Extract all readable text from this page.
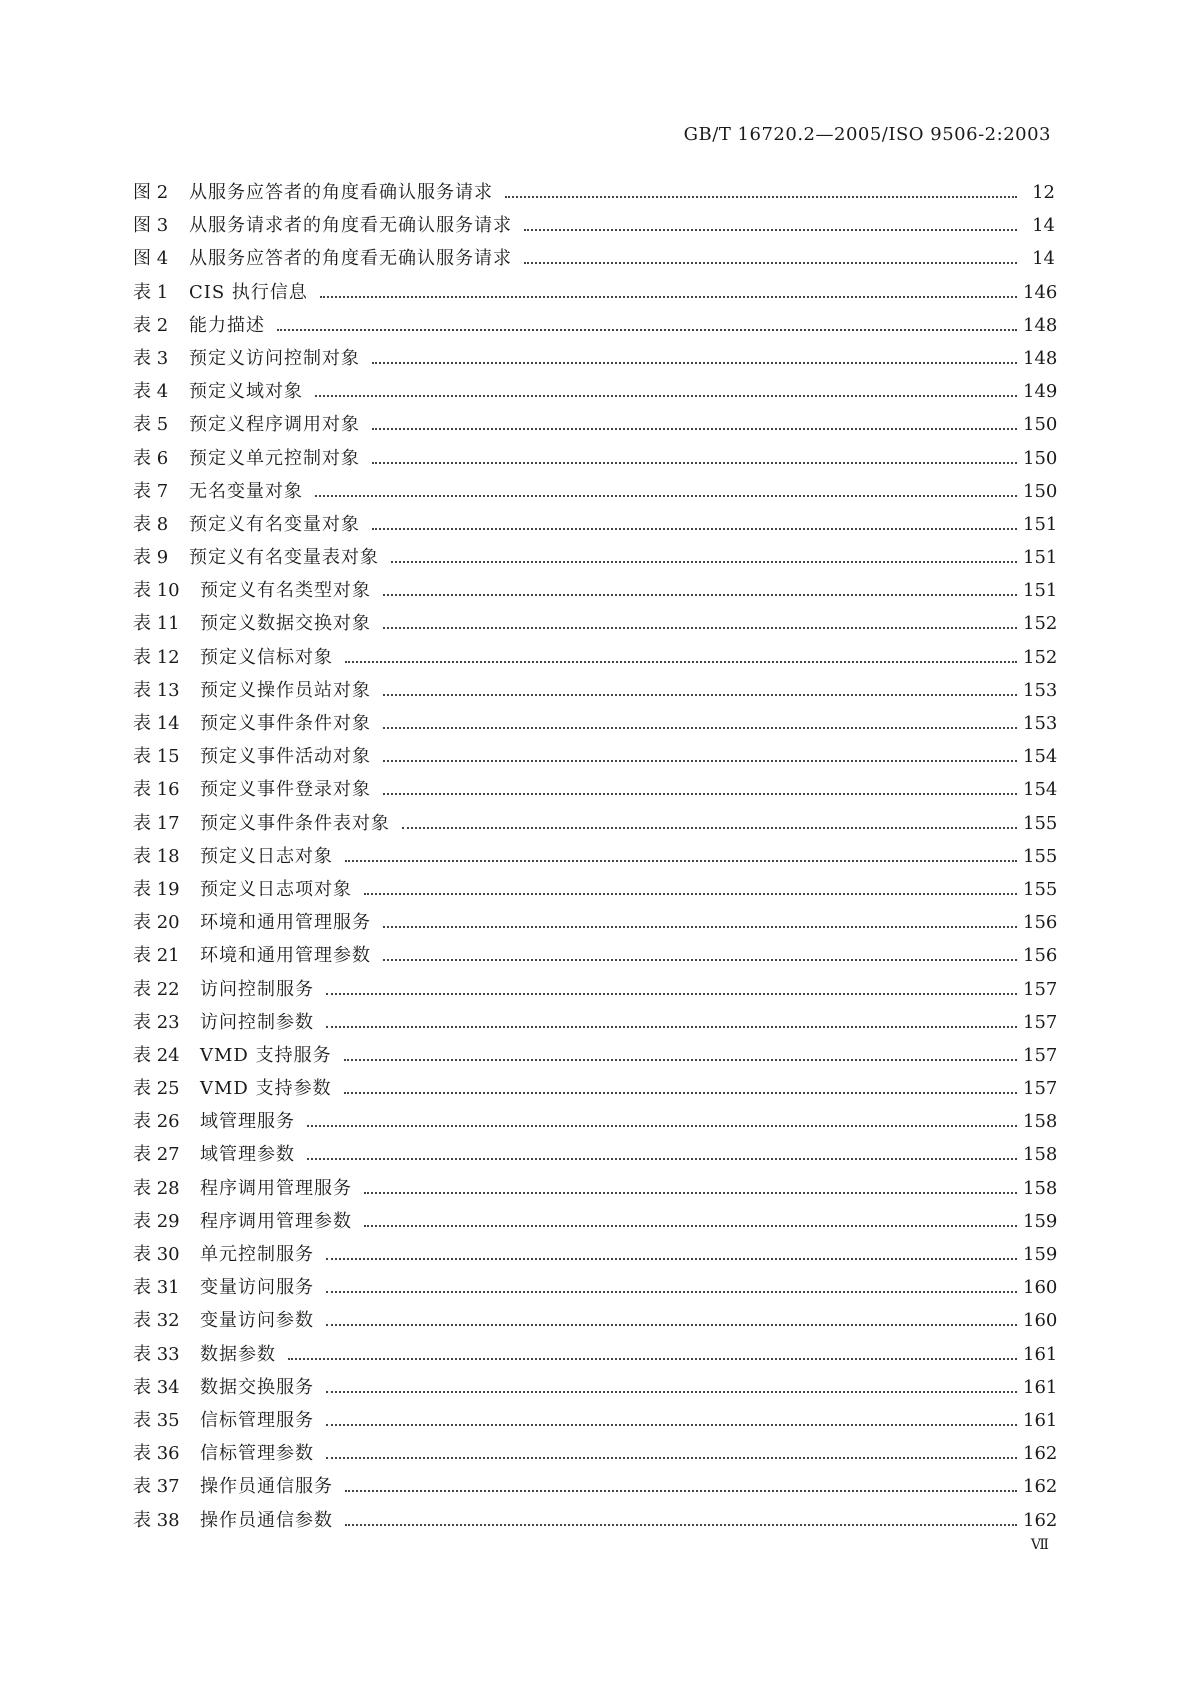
GB/T 16720.2—2005/ISO 9506-2:2003
图 2	从服务应答者的角度看确认服务请求	12
图 3	从服务请求者的角度看无确认服务请求	14
图 4	从服务应答者的角度看无确认服务请求	14
表 1	CIS 执行信息	146
表 2	能力描述	148
表 3	预定义访问控制对象	148
表 4	预定义域对象	149
表 5	预定义程序调用对象	150
表 6	预定义单元控制对象	150
表 7	无名变量对象	150
表 8	预定义有名变量对象	151
表 9	预定义有名变量表对象	151
表 10	预定义有名类型对象	151
表 11	预定义数据交换对象	152
表 12	预定义信标对象	152
表 13	预定义操作员站对象	153
表 14	预定义事件条件对象	153
表 15	预定义事件活动对象	154
表 16	预定义事件登录对象	154
表 17	预定义事件条件表对象	155
表 18	预定义日志对象	155
表 19	预定义日志项对象	155
表 20	环境和通用管理服务	156
表 21	环境和通用管理参数	156
表 22	访问控制服务	157
表 23	访问控制参数	157
表 24	VMD 支持服务	157
表 25	VMD 支持参数	157
表 26	域管理服务	158
表 27	域管理参数	158
表 28	程序调用管理服务	158
表 29	程序调用管理参数	159
表 30	单元控制服务	159
表 31	变量访问服务	160
表 32	变量访问参数	160
表 33	数据参数	161
表 34	数据交换服务	161
表 35	信标管理服务	161
表 36	信标管理参数	162
表 37	操作员通信服务	162
表 38	操作员通信参数	162
Ⅶ
